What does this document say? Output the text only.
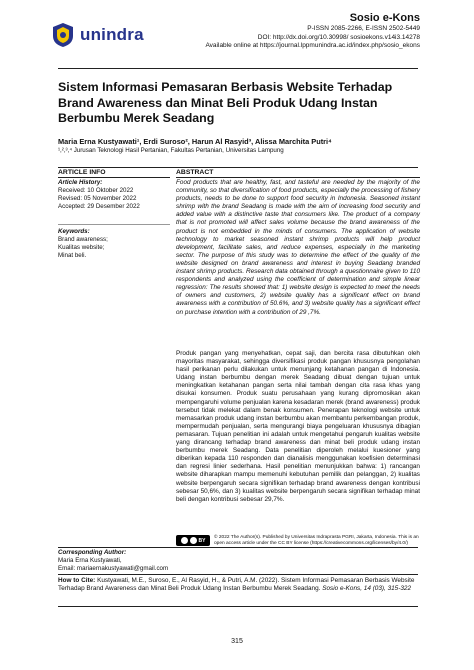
unindra
Sosio e-Kons
P-ISSN 2085-2266, E-ISSN 2502-5449
DOI: http://dx.doi.org/10.30998/ sosioekons.v14i3.14278
Available online at https://journal.lppmunindra.ac.id/index.php/sosio_ekons
Sistem Informasi Pemasaran Berbasis Website Terhadap Brand Awareness dan Minat Beli Produk Udang Instan Berbumbu Merek Seadang
Maria Erna Kustyawati¹, Erdi Suroso², Harun Al Rasyid³, Alissa Marchita Putri⁴
¹,²,³,⁴ Jurusan Teknologi Hasil Pertanian, Fakultas Pertanian, Universitas Lampung
ARTICLE INFO	ABSTRACT
Article History:
Received: 10 Oktober 2022
Revised: 05 November 2022
Accepted: 29 Desember 2022
Keywords:
Brand awareness;
Kualitas website;
Minat beli.

Food products that are healthy, fast, and tasteful are needed by the majority of the community, so that diversification of food products, especially the processing of fishery products, needs to be done to support food security in Indonesia. Seasoned instant shrimp with the brand Seadang is made with the aim of increasing food security and added value with a distinctive taste that consumers like. The product of a company that is not promoted will affect sales volume because the brand awareness of the product is not embedded in the minds of consumers. The application of website technology to market seasoned instant shrimp products will help product development, facilitate sales, and reduce expenses, especially in the marketing sector. The purpose of this study was to determine the effect of the quality of the website designed on brand awareness and interest in buying Seadang branded instant shrimp products. Research data obtained through a questionnaire given to 110 respondents and analyzed using the coefficient of determination and simple linear regression: The results showed that: 1) website design is expected to meet the needs of owners and customers, 2) website quality has a significant effect on brand awareness with a contribution of 50.6%, and 3) website quality has a significant effect on purchase intention with a contribution of 29 ,7%.

Produk pangan yang menyehatkan, cepat saji, dan bercita rasa dibutuhkan oleh mayoritas masyarakat, sehingga diversifikasi produk pangan khususnya pengolahan hasil perikanan perlu dilakukan untuk menunjang ketahanan pangan di Indonesia. Udang instan berbumbu dengan merek Seadang dibuat dengan tujuan untuk meningkatkan ketahanan pangan serta nilai tambah dengan cita rasa khas yang disukai konsumen. Produk suatu perusahaan yang kurang dipromosikan akan mempengaruhi volume penjualan karena kesadaran merek (brand awareness) produk tersebut tidak melekat dalam benak konsumen. Penerapan teknologi website untuk memasarkan produk udang instan berbumbu akan membantu perkembangan produk, mempermudah penjualan, serta mengurangi biaya pengeluaran khususnya dibagian pemasaran. Tujuan penelitian ini adalah untuk mengetahui pengaruh kualitas website yang dirancang terhadap brand awareness dan minat beli produk udang instan berbumbu merek Seadang. Data penelitian diperoleh melalui kuesioner yang diberikan kepada 110 responden dan dianalisis menggunakan koefisien determinasi dan regresi linier sederhana. Hasil penelitian menunjukkan bahwa: 1) rancangan website diharapkan mampu memenuhi kebutuhan pemilik dan pelanggan, 2) kualitas website berpengaruh secara signifikan terhadap brand awareness dengan kontribusi sebesar 50,6%, dan 3) kualitas website berpengaruh secara signifikan terhadap minat beli dengan kontribusi sebesar 29,7%.

BY © 2022 The Author(s). Published by Universitas Indraprasta PGRI, Jakarta, Indonesia. This is an open access article under the CC BY license (https://creativecommons.org/licenses/by/4.0/)
Corresponding Author:
Maria Erna Kustyawati,
Email: mariaernakustyawati@gmail.com
How to Cite: Kustyawati, M.E., Suroso, E., Al Rasyid, H., & Putri, A.M. (2022). Sistem Informasi Pemasaran Berbasis Website Terhadap Brand Awareness dan Minat Beli Produk Udang Instan Berbumbu Merek Seadang. Sosio e-Kons, 14 (03), 315-322
315
